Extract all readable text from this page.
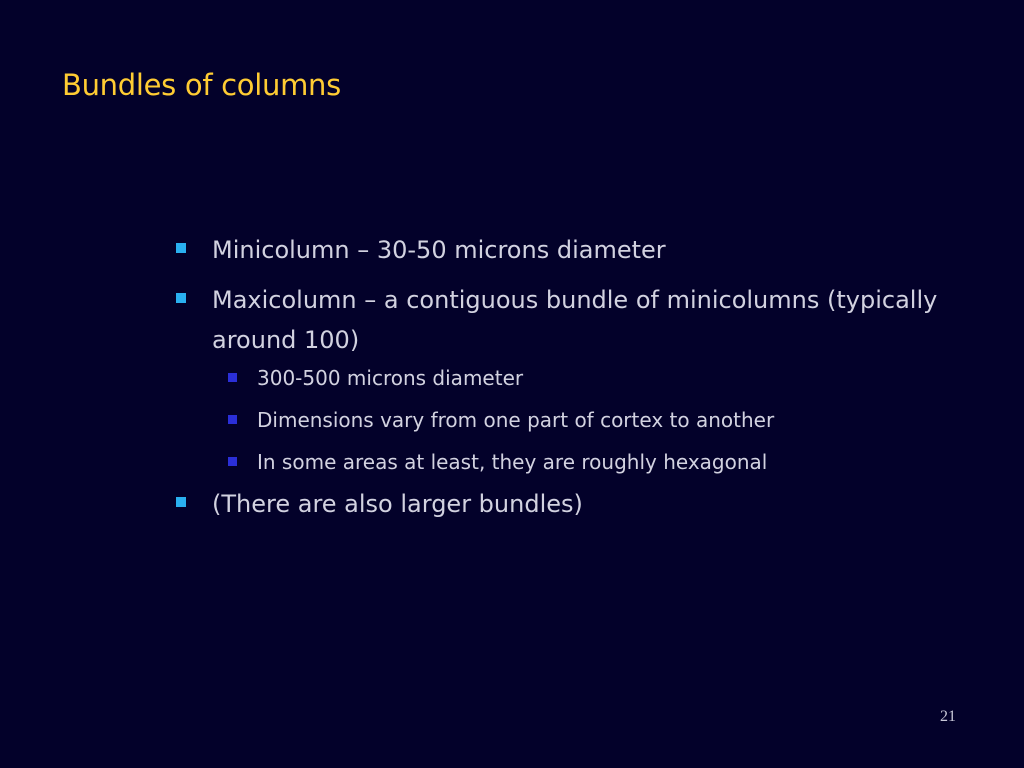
Bundles of columns
Minicolumn – 30-50 microns diameter
Maxicolumn – a contiguous bundle of minicolumns (typically around 100)
300-500 microns diameter
Dimensions vary from one part of cortex to another
In some areas at least, they are roughly hexagonal
(There are also larger bundles)
21
